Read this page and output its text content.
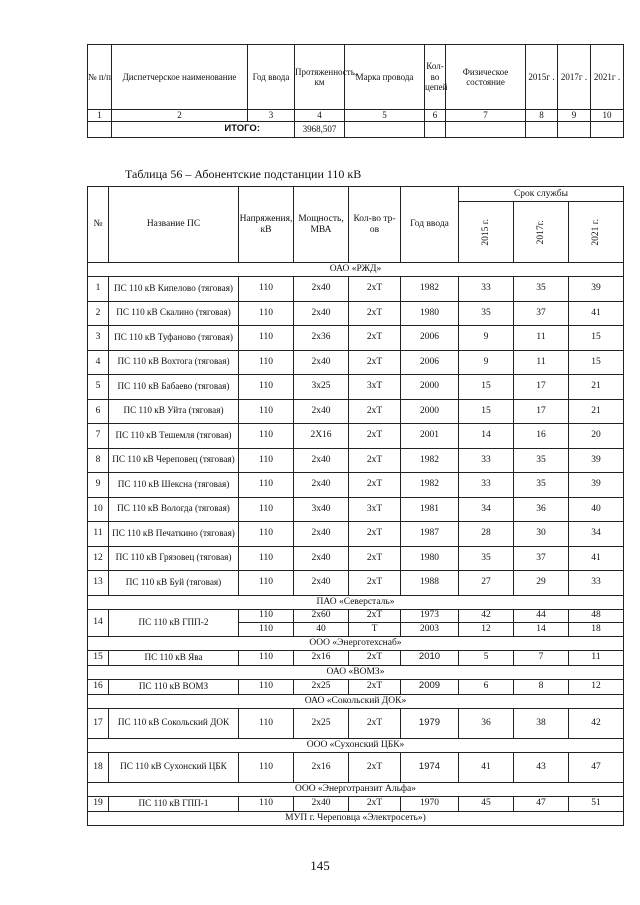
№ п/п	Диспетчерское наименование	Год ввода	Протяженность, км	Марка провода	Кол-во цепей	Физическое состояние	2015г .	2017г .	2021г .
1	2	3	4	5	6	7	8	9	10
	ИТОГО:		3968,507						
Таблица 56 – Абонентские подстанции 110 кВ
№	Название ПС	Напряжения, кВ	Мощность, МВА	Кол-во тр-ов	Год ввода	Срок службы		
						2015 г.	2017г.	2021 г.
ОАО «РЖД»								
1	ПС 110 кВ Кипелово (тяговая)	110	2х40	2хТ	1982	33	35	39
2	ПС 110 кВ Скалино (тяговая)	110	2х40	2хТ	1980	35	37	41
3	ПС 110 кВ Туфаново (тяговая)	110	2х36	2хТ	2006	9	11	15
4	ПС 110 кВ Вохтога (тяговая)	110	2х40	2хТ	2006	9	11	15
5	ПС 110 кВ Бабаево (тяговая)	110	3х25	3хТ	2000	15	17	21
6	ПС 110 кВ Уйта (тяговая)	110	2х40	2хТ	2000	15	17	21
7	ПС 110 кВ Тешемля (тяговая)	110	2Х16	2хТ	2001	14	16	20
8	ПС 110 кВ Череповец (тяговая)	110	2х40	2хТ	1982	33	35	39
9	ПС 110 кВ Шексна (тяговая)	110	2х40	2хТ	1982	33	35	39
10	ПС 110 кВ Вологда (тяговая)	110	3х40	3хТ	1981	34	36	40
11	ПС 110 кВ Печаткино (тяговая)	110	2х40	2хТ	1987	28	30	34
12	ПС 110 кВ Грязовец (тяговая)	110	2х40	2хТ	1980	35	37	41
13	ПС 110 кВ Буй (тяговая)	110	2х40	2хТ	1988	27	29	33
ПАО «Северсталь»								
14	ПС 110 кВ ГПП-2	110	2х60	2хТ	1973	42	44	48
		110	40	Т	2003	12	14	18
ООО «Энерготехснаб»								
15	ПС 110 кВ Ява	110	2х16	2хТ	2010	5	7	11
ОАО «ВОМЗ»								
16	ПС 110 кВ ВОМЗ	110	2х25	2хТ	2009	6	8	12
ОАО «Сокольский ДОК»								
17	ПС 110 кВ Сокольский ДОК	110	2х25	2хТ	1979	36	38	42
ООО «Сухонский ЦБК»								
18	ПС 110 кВ Сухонский ЦБК	110	2х16	2хТ	1974	41	43	47
ООО «Энерготранзит Альфа»								
19	ПС 110 кВ ГПП-1	110	2х40	2хТ	1970	45	47	51
МУП г. Череповца «Электросеть»)								
145
